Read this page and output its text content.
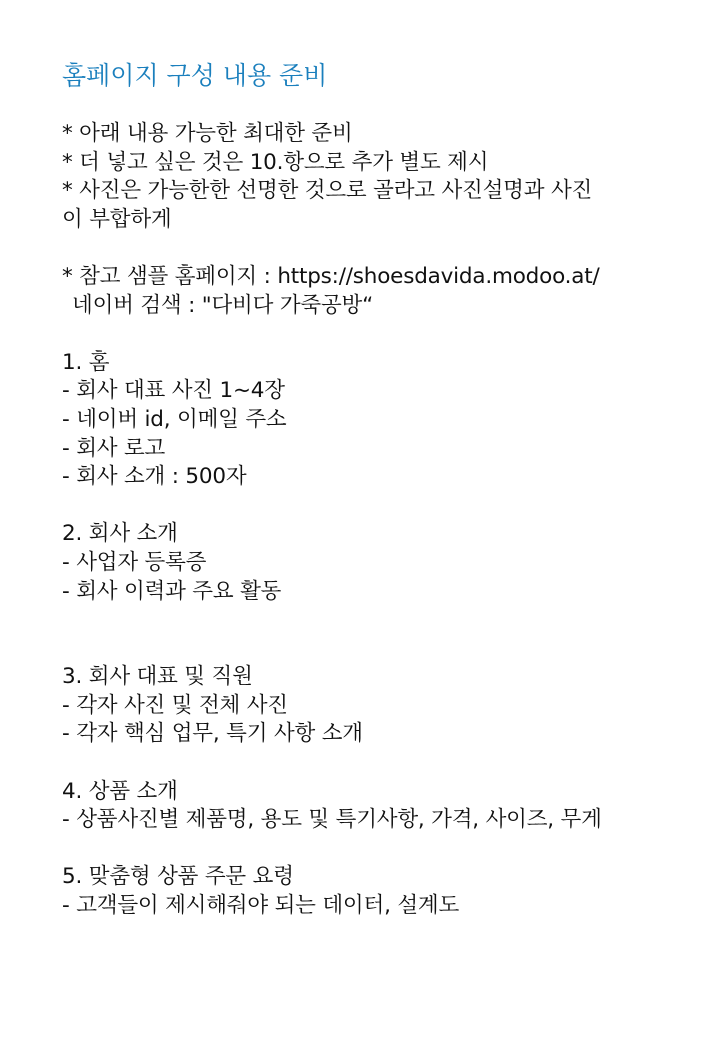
홈페이지 구성 내용 준비
* 아래 내용 가능한 최대한 준비
* 더 넣고 싶은 것은 10.항으로 추가 별도 제시
* 사진은 가능한한 선명한 것으로 골라고 사진설명과 사진
이 부합하게
* 참고 샘플 홈페이지 : https://shoesdavida.modoo.at/
네이버 검색 : "다비다 가죽공방“
1. 홈
- 회사 대표 사진 1~4장
- 네이버 id, 이메일 주소
- 회사 로고
- 회사 소개 : 500자
2. 회사 소개
- 사업자 등록증
- 회사 이력과 주요 활동
3. 회사 대표 및 직원
- 각자 사진 및 전체 사진
- 각자 핵심 업무, 특기 사항 소개
4. 상품 소개
- 상품사진별 제품명, 용도 및 특기사항, 가격, 사이즈, 무게
5. 맞춤형 상품 주문 요령
- 고객들이 제시해줘야 되는 데이터, 설계도
